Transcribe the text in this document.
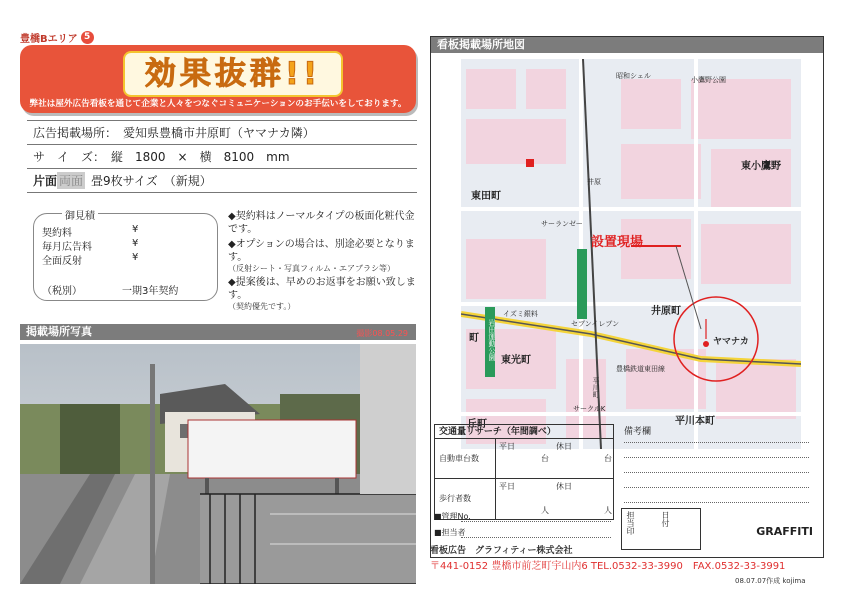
豊橋Bエリア 5
効果抜群!!
弊社は屋外広告看板を通じて企業と人々をつなぐコミュニケーションのお手伝いをしております。
広告掲載場所：　愛知県豊橋市井原町（ヤマナカ隣）
サ　イ　ズ：　縦　1800　×　横　8100　mm
片面 両面 畳9枚サイズ　（新規）
御見積
契約料	¥
毎月広告料	¥
全面反射	¥
（税別）	一期3年契約
◆契約料はノーマルタイプの板面化粧代金です。
◆オプションの場合は、別途必要となります。
（反射シート・写真フィルム・エアブラシ等）
◆提案後は、早めのお返事をお願い致します。
（契約優先です。）
掲載場所写真	撮影08.05.29
看板掲載場所地図
東田町
東小鷹野
井原町
ヤマナカ
東光町
平川本町
丘町
町
設置現場
豊橋鉄道東田線
昭和シェル
井原
小鷹野公園
セブンイレブン
イズミ銀料
サークルK
サーランゼー
平川町
岩田運動公園
交通量リサーチ（年間調べ）
自動車台数
平日	休日
台	台
歩行者数
平日	休日
人	人
備考欄
■管理No.
■担当者	担当印	日付
GRAFFITI
看板広告　グラフィティー株式会社
〒441-0152 豊橋市前芝町宇山内6 TEL.0532-33-3990　FAX.0532-33-3991
08.07.07作成 kojima
